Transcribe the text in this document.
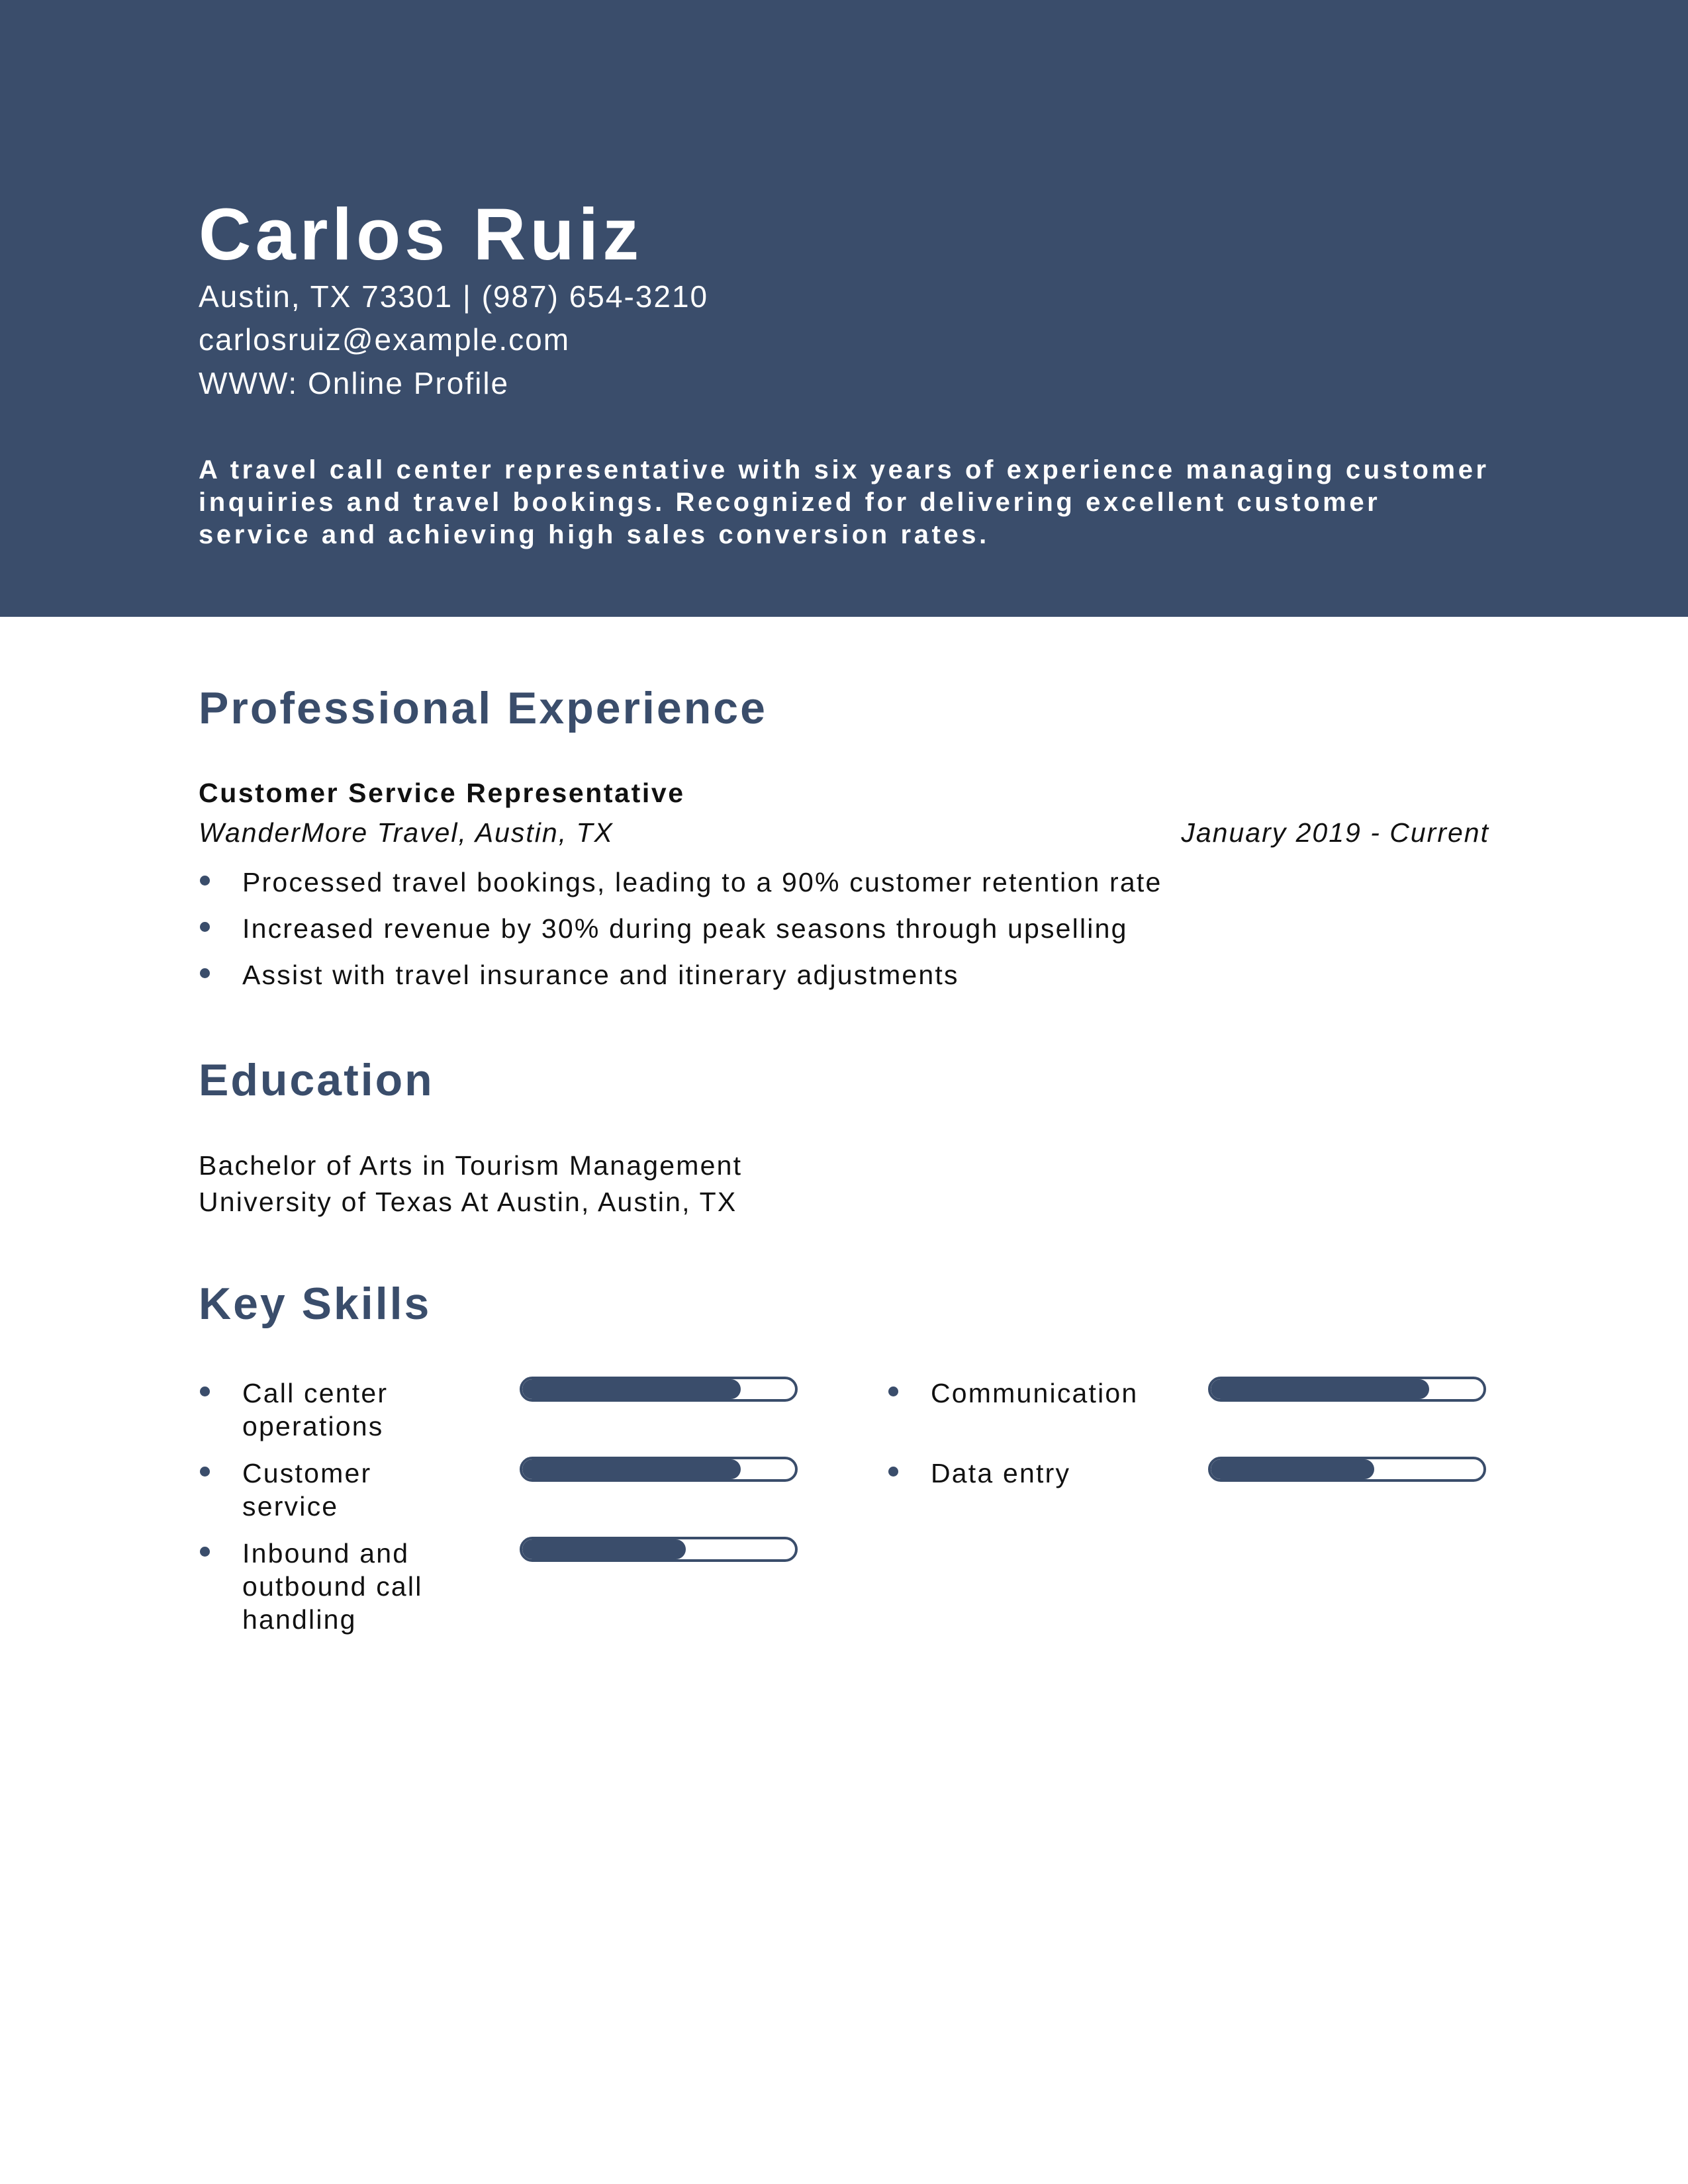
Carlos Ruiz
Austin, TX 73301 | (987) 654-3210
carlosruiz@example.com
WWW: Online Profile
A travel call center representative with six years of experience managing customer inquiries and travel bookings. Recognized for delivering excellent customer service and achieving high sales conversion rates.
Professional Experience
Customer Service Representative
WanderMore Travel, Austin, TX	January 2019 - Current
Processed travel bookings, leading to a 90% customer retention rate
Increased revenue by 30% during peak seasons through upselling
Assist with travel insurance and itinerary adjustments
Education
Bachelor of Arts in Tourism Management
University of Texas At Austin, Austin, TX
Key Skills
Call center operations
Communication
Customer service
Data entry
Inbound and outbound call handling
